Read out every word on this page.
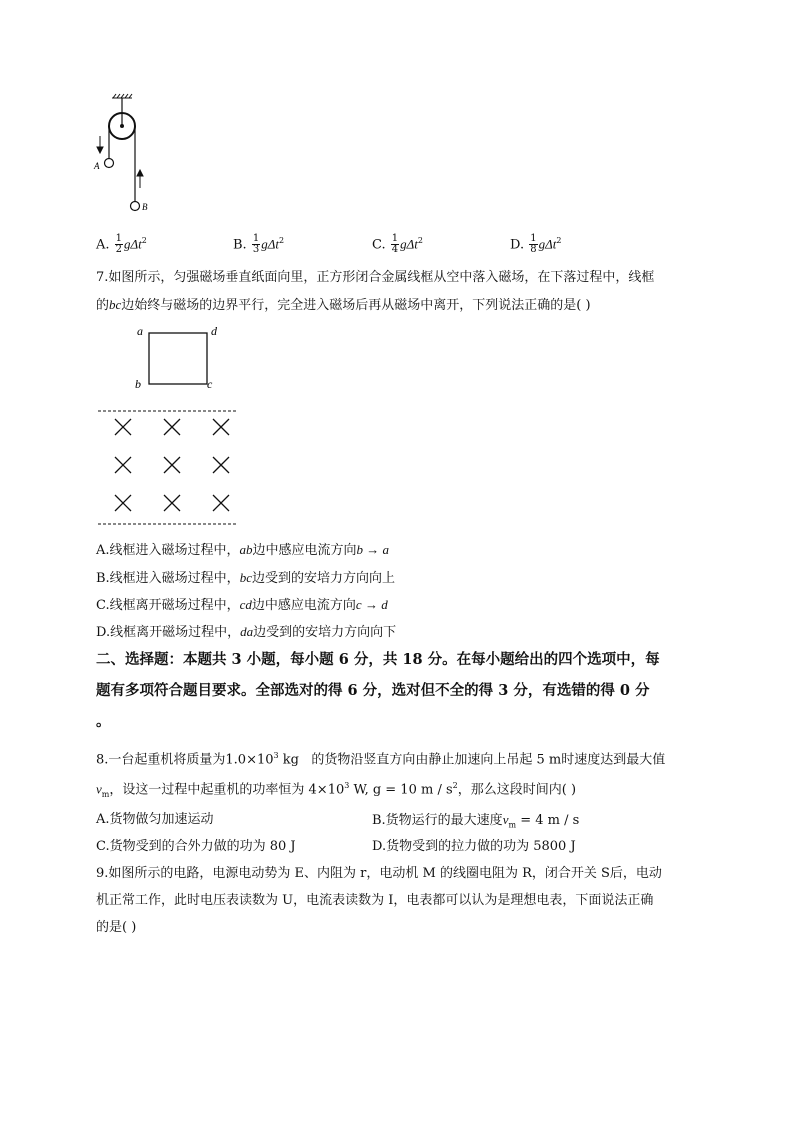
A
B
A. $\frac{1}{2} g\Delta t^2$	B. $\frac{1}{3} g\Delta t^2$	C. $\frac{1}{4} g\Delta t^2$	D. $\frac{1}{8} g\Delta t^2$
7.如图所示，匀强磁场垂直纸面向里，正方形闭合金属线框从空中落入磁场，在下落过程中，线框
的bc边始终与磁场的边界平行，完全进入磁场后再从磁场中离开，下列说法正确的是( )
a	d
b	c
A.线框进入磁场过程中，ab边中感应电流方向b → a
B.线框进入磁场过程中，bc边受到的安培力方向向上
C.线框离开磁场过程中，cd边中感应电流方向c → d
D.线框离开磁场过程中，da边受到的安培力方向向下
二、选择题：本题共 3 小题，每小题 6 分，共 18 分。在每小题给出的四个选项中，每
题有多项符合题目要求。全部选对的得 6 分，选对但不全的得 3 分，有选错的得 0 分
。
8.一台起重机将质量为$1.0\times 10^3$ kg 的货物沿竖直方向由静止加速向上吊起 5 m时速度达到最大值
$v_m$，设这一过程中起重机的功率恒为 $4\times 10^3$ W, g = 10 m / $s^2$，那么这段时间内( )
A.货物做匀加速运动	B.货物运行的最大速度$v_m = 4$ m / s
C.货物受到的合外力做的功为 80 J	D.货物受到的拉力做的功为 5800 J
9.如图所示的电路，电源电动势为 E、内阻为 r，电动机 M 的线圈电阻为 R，闭合开关 S后，电动
机正常工作，此时电压表读数为 U，电流表读数为 I，电表都可以认为是理想电表，下面说法正确
的是( )
